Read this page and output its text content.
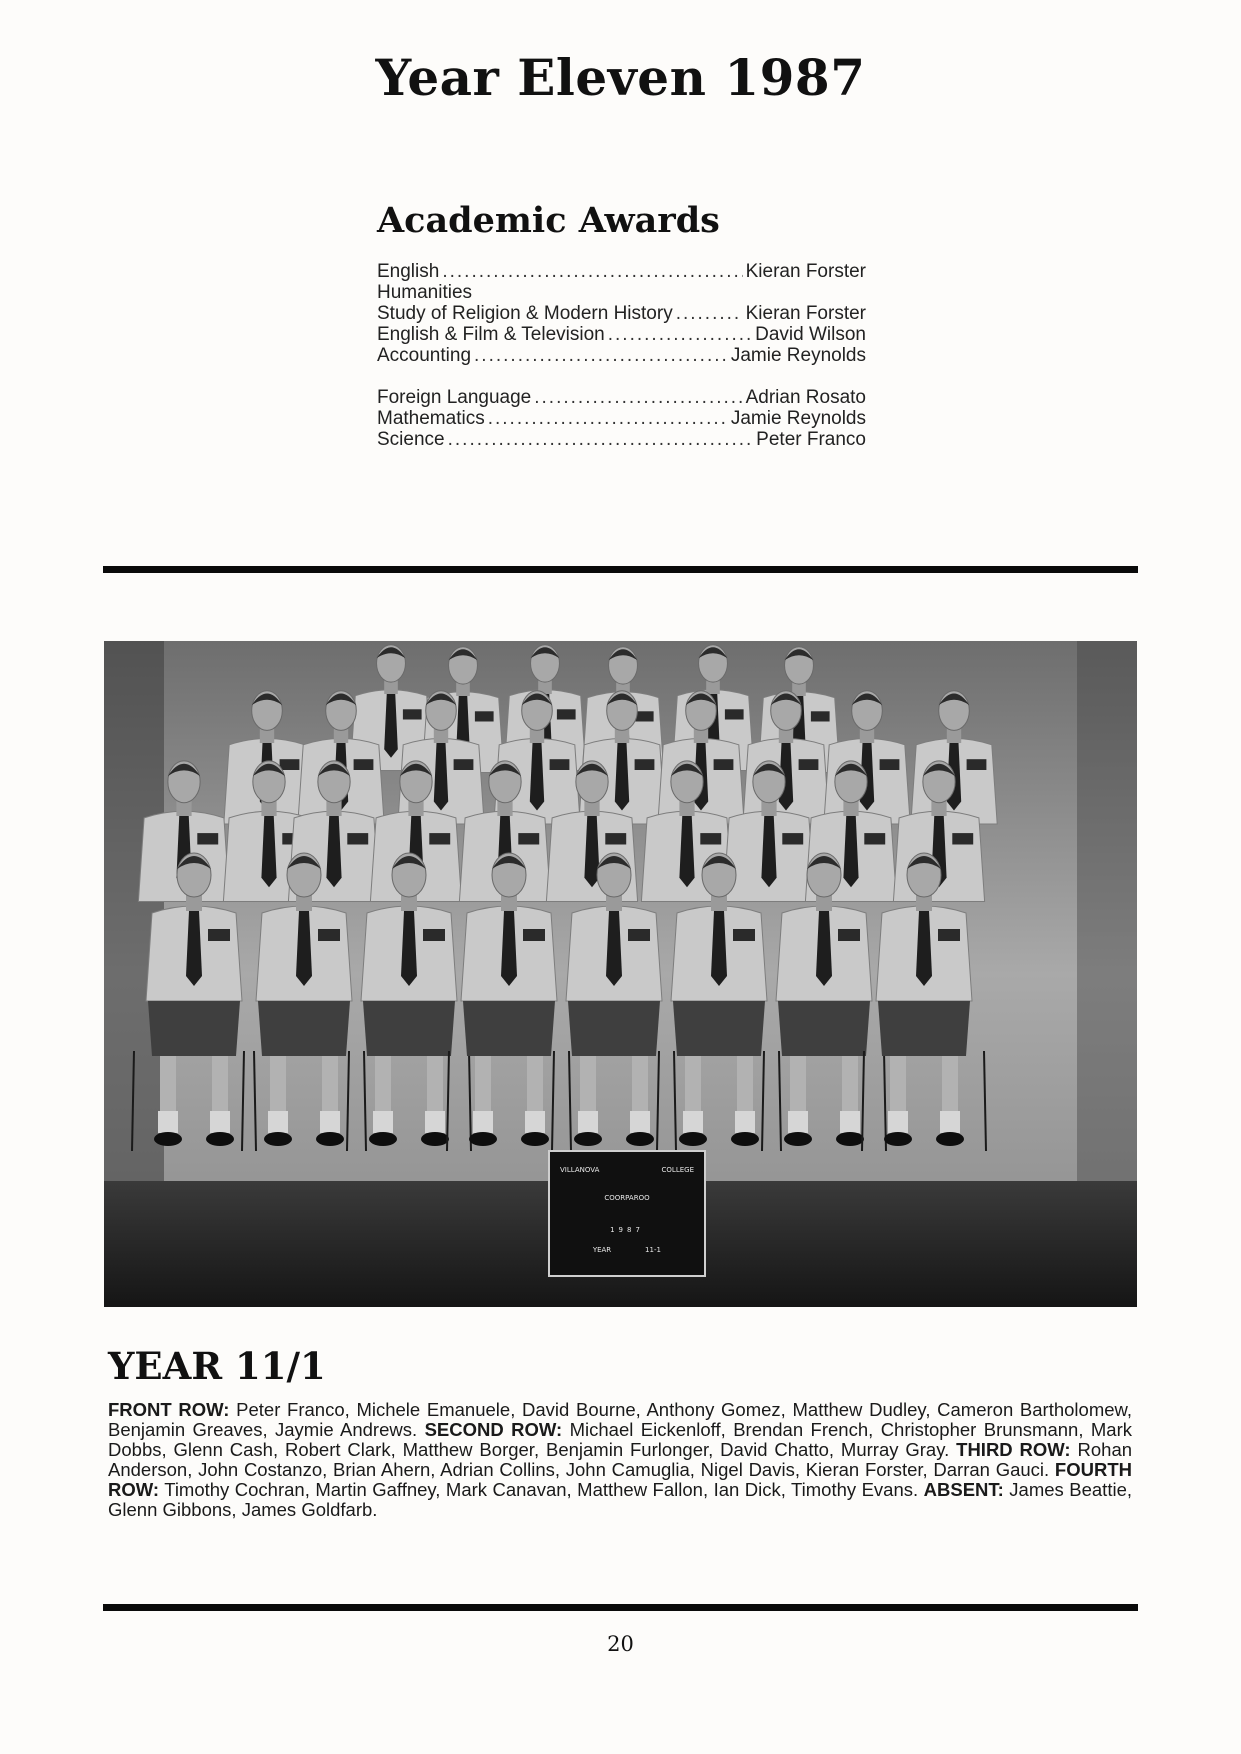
Year Eleven 1987
Academic Awards
English .....	Kieran Forster
Humanities
Study of Religion & Modern History .....	Kieran Forster
English & Film & Television .....	David Wilson
Accounting .....	Jamie Reynolds
Foreign Language .....	Adrian Rosato
Mathematics .....	Jamie Reynolds
Science .....	Peter Franco
VILLANOVA	COLLEGE
COORPAROO
1987
YEAR	11-1
YEAR 11/1
FRONT ROW: Peter Franco, Michele Emanuele, David Bourne, Anthony Gomez, Matthew Dudley, Cameron Bartholomew, Benjamin Greaves, Jaymie Andrews. SECOND ROW: Michael Eickenloff, Brendan French, Christopher Brunsmann, Mark Dobbs, Glenn Cash, Robert Clark, Matthew Borger, Benjamin Furlonger, David Chatto, Murray Gray. THIRD ROW: Rohan Anderson, John Costanzo, Brian Ahern, Adrian Collins, John Camuglia, Nigel Davis, Kieran Forster, Darran Gauci. FOURTH ROW: Timothy Cochran, Martin Gaffney, Mark Canavan, Matthew Fallon, Ian Dick, Timothy Evans. ABSENT: James Beattie, Glenn Gibbons, James Goldfarb.
20
